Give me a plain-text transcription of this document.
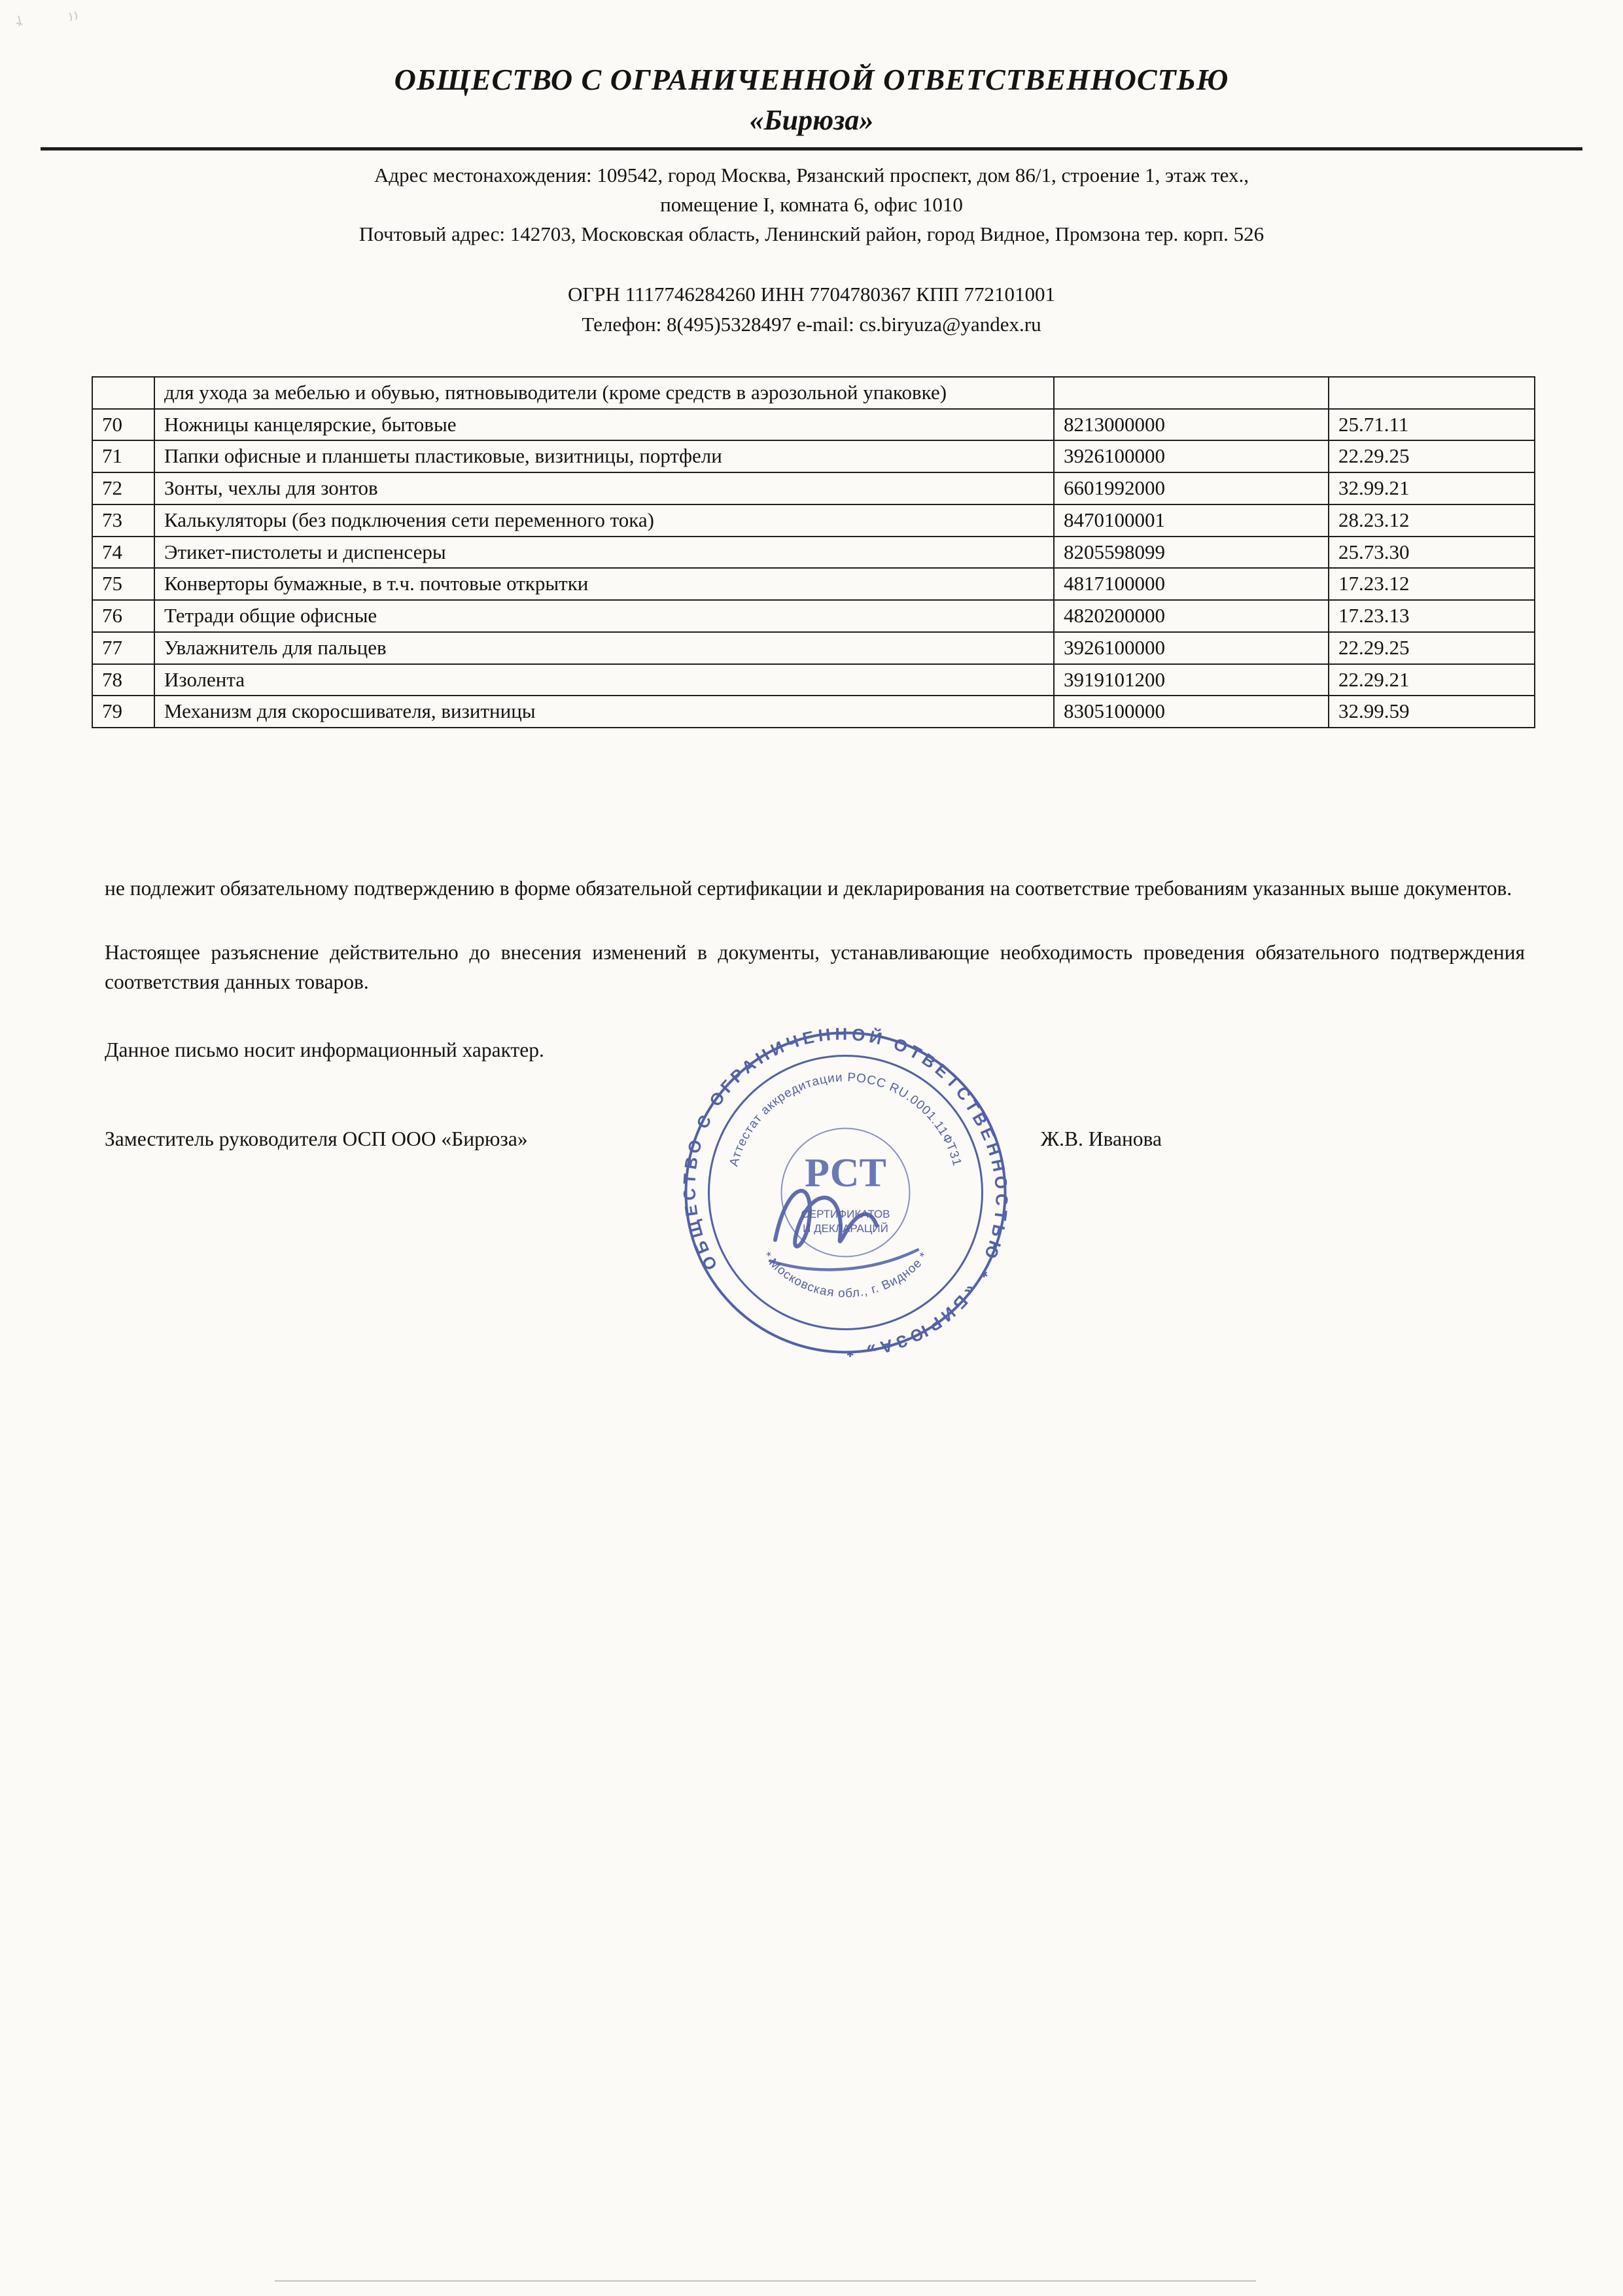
ОБЩЕСТВО С ОГРАНИЧЕННОЙ ОТВЕТСТВЕННОСТЬЮ
«Бирюза»
Адрес местонахождения: 109542, город Москва, Рязанский проспект, дом 86/1, строение 1, этаж тех.,
помещение I, комната 6, офис 1010
Почтовый адрес: 142703, Московская область, Ленинский район, город Видное, Промзона тер. корп. 526
ОГРН 1117746284260 ИНН 7704780367 КПП 772101001
Телефон: 8(495)5328497 e-mail: cs.biryuza@yandex.ru
	для ухода за мебелью и обувью, пятновыводители (кроме средств в аэрозольной упаковке)		
70	Ножницы канцелярские, бытовые	8213000000	25.71.11
71	Папки офисные и планшеты пластиковые, визитницы, портфели	3926100000	22.29.25
72	Зонты, чехлы для зонтов	6601992000	32.99.21
73	Калькуляторы (без подключения сети переменного тока)	8470100001	28.23.12
74	Этикет-пистолеты и диспенсеры	8205598099	25.73.30
75	Конверторы бумажные, в т.ч. почтовые открытки	4817100000	17.23.12
76	Тетради общие офисные	4820200000	17.23.13
77	Увлажнитель для пальцев	3926100000	22.29.25
78	Изолента	3919101200	22.29.21
79	Механизм для скоросшивателя, визитницы	8305100000	32.99.59

не подлежит обязательному подтверждению в форме обязательной сертификации и декларирования на соответствие требованиям указанных выше документов.

Настоящее разъяснение действительно до внесения изменений в документы, устанавливающие необходимость проведения обязательного подтверждения соответствия данных товаров.

Данное письмо носит информационный характер.

Заместитель руководителя ОСП ООО «Бирюза»	Ж.В. Иванова
ОБЩЕСТВО С ОГРАНИЧЕННОЙ ОТВЕТСТВЕННОСТЬЮ * «БИРЮЗА» *
Аттестат аккредитации РОСС RU.0001.11ФТ31
* Московская обл., г. Видное *
РСТ
СЕРТИФИКАТОВ
И ДЕКЛАРАЦИЙ
